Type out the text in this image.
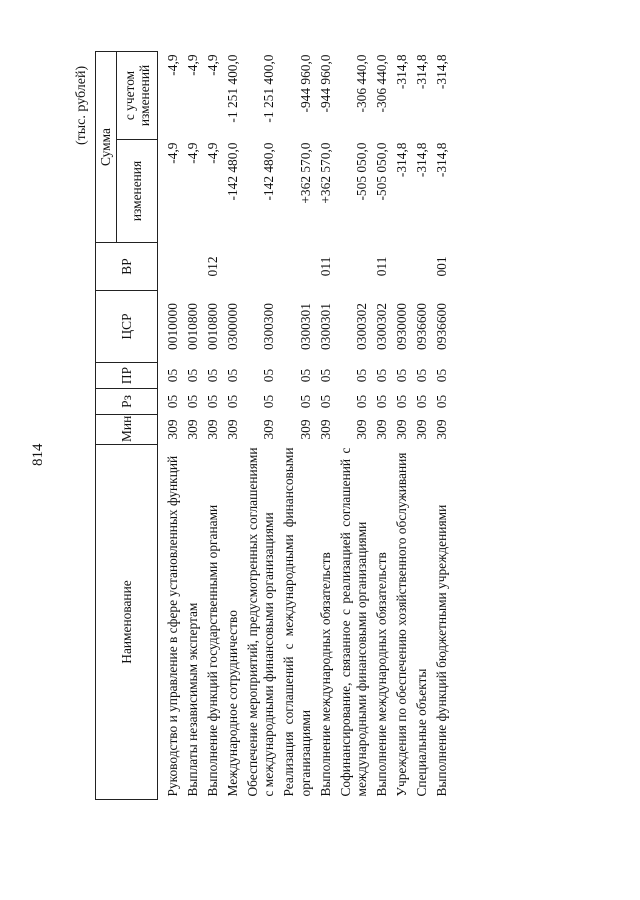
814
(тыс. рублей)
Наименование	Мин	Рз	ПР	ЦСР	ВР	Сумма	
						изменения	с учетом изменений

Руководство и управление в сфере установленных функций	309	05	05	0010000		-4,9	-4,9
Выплаты независимым экспертам	309	05	05	0010800		-4,9	-4,9
Выполнение функций государственными органами	309	05	05	0010800	012	-4,9	-4,9
Международное сотрудничество	309	05	05	0300000		-142 480,0	-1 251 400,0
Обеспечение мероприятий, предусмотренных соглашениями с международными финансовыми организациями	309	05	05	0300300		-142 480,0	-1 251 400,0
Реализация соглашений с международными финансовыми организациями	309	05	05	0300301		+362 570,0	-944 960,0
Выполнение международных обязательств	309	05	05	0300301	011	+362 570,0	-944 960,0
Софинансирование, связанное с реализацией соглашений с международными финансовыми организациями	309	05	05	0300302		-505 050,0	-306 440,0
Выполнение международных обязательств	309	05	05	0300302	011	-505 050,0	-306 440,0
Учреждения по обеспечению хозяйственного обслуживания	309	05	05	0930000		-314,8	-314,8
Специальные объекты	309	05	05	0936600		-314,8	-314,8
Выполнение функций бюджетными учреждениями	309	05	05	0936600	001	-314,8	-314,8
